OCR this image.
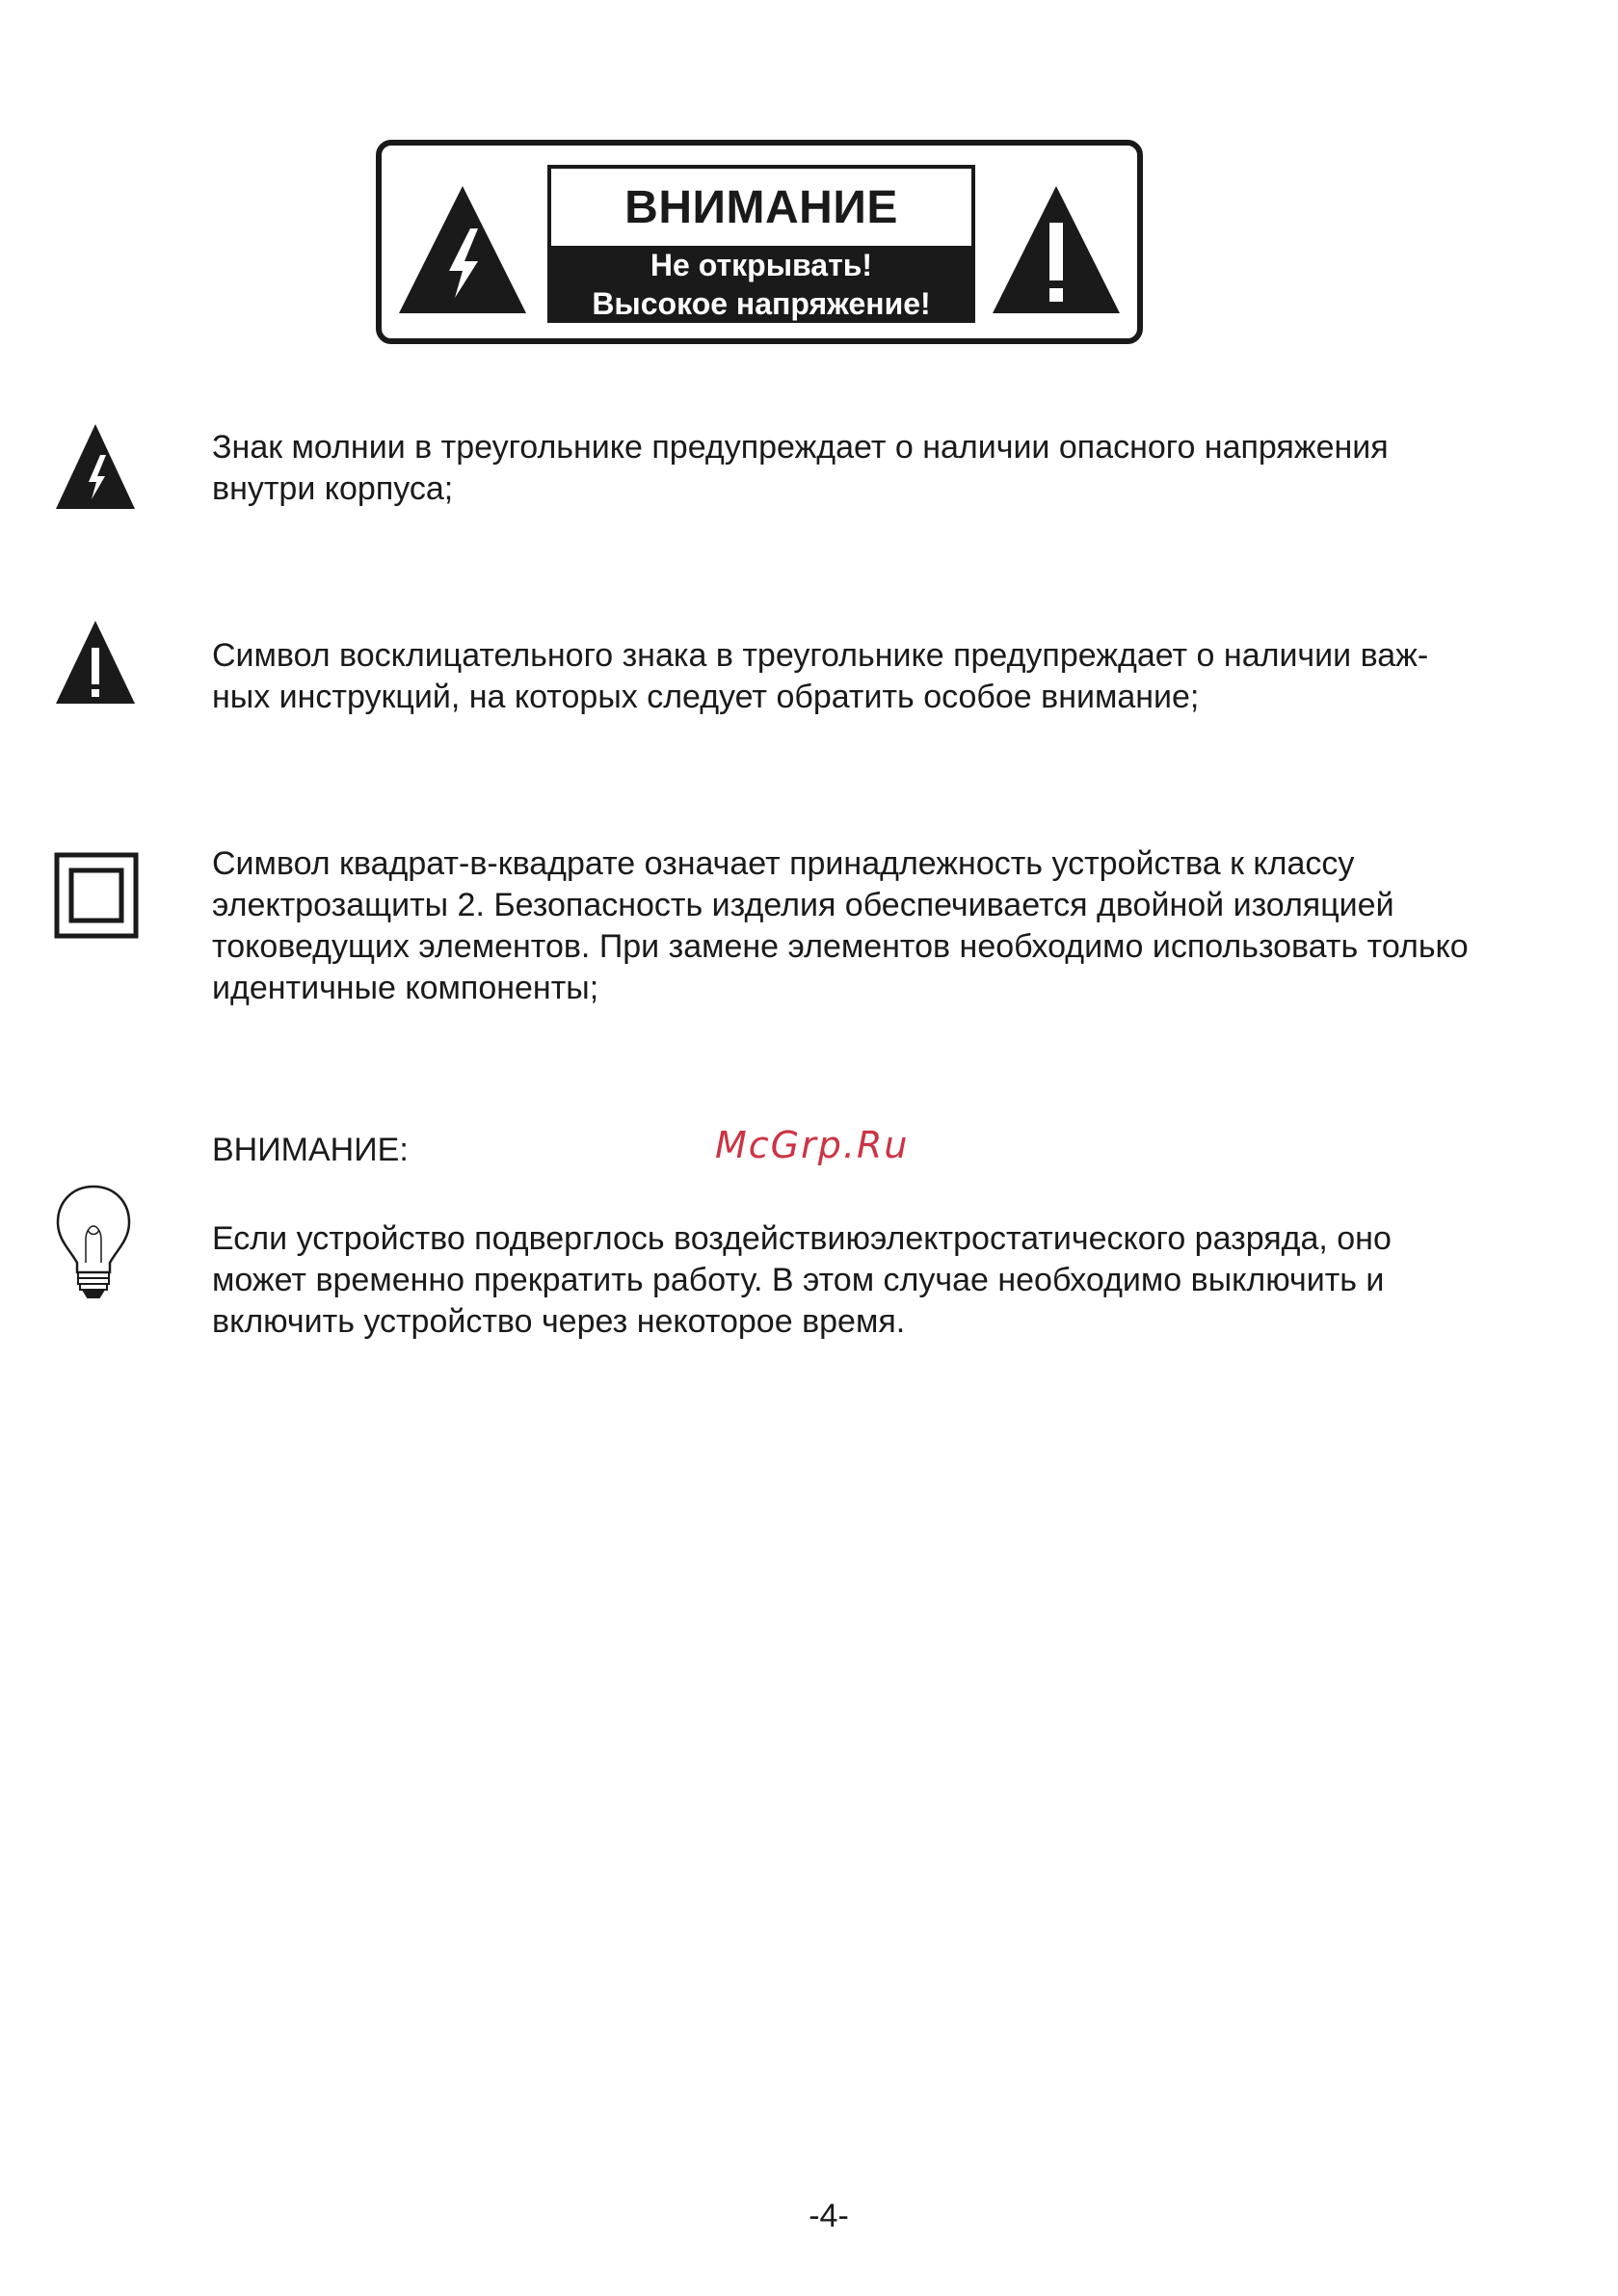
ВНИМАНИЕ
Не открывать!
Высокое напряжение!
Знак молнии в треугольнике предупреждает о наличии опасного напряжения
внутри корпуса;
Символ восклицательного знака в треугольнике предупреждает о наличии важ-
ных инструкций, на которых следует обратить особое внимание;
Символ квадрат-в-квадрате означает принадлежность устройства к классу
электрозащиты 2. Безопасность изделия обеспечивается двойной изоляцией
токоведущих элементов. При замене элементов необходимо использовать только
идентичные компоненты;
ВНИМАНИЕ:	McGrp.Ru
Если устройство подверглось воздействиюэлектростатического разряда, оно
может временно прекратить работу. В этом случае необходимо выключить и
включить устройство через некоторое время.
-4-
